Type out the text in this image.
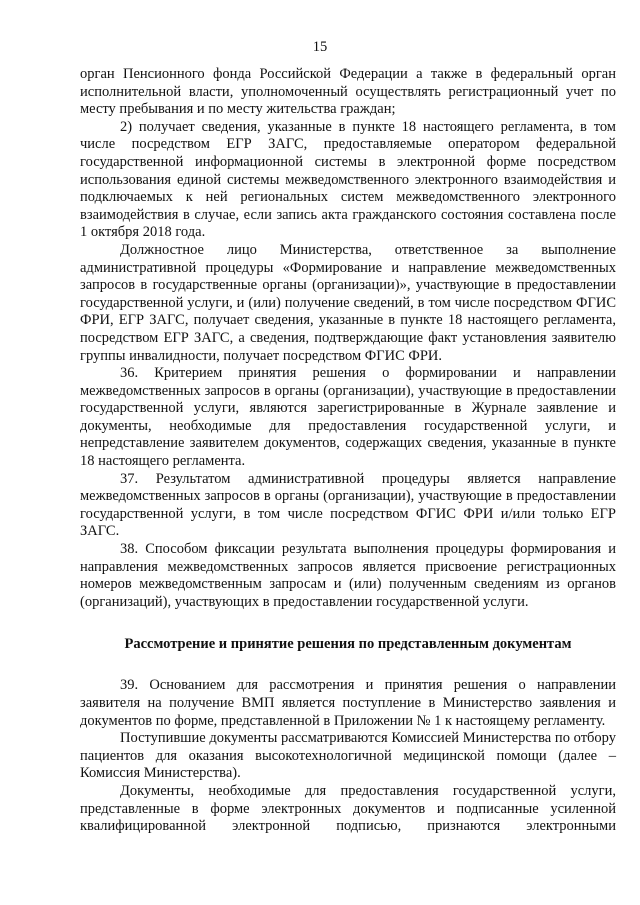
15

орган Пенсионного фонда Российской Федерации а также в федеральный орган исполнительной власти, уполномоченный осуществлять регистрационный учет по месту пребывания и по месту жительства граждан;

2) получает сведения, указанные в пункте 18 настоящего регламента, в том числе посредством ЕГР ЗАГС, предоставляемые оператором федеральной государственной информационной системы в электронной форме посредством использования единой системы межведомственного электронного взаимодействия и подключаемых к ней региональных систем межведомственного электронного взаимодействия в случае, если запись акта гражданского состояния составлена после 1 октября 2018 года.

Должностное лицо Министерства, ответственное за выполнение административной процедуры «Формирование и направление межведомственных запросов в государственные органы (организации)», участвующие в предоставлении государственной услуги, и (или) получение сведений, в том числе посредством ФГИС ФРИ, ЕГР ЗАГС, получает сведения, указанные в пункте 18 настоящего регламента, посредством ЕГР ЗАГС, а сведения, подтверждающие факт установления заявителю группы инвалидности, получает посредством ФГИС ФРИ.

36. Критерием принятия решения о формировании и направлении межведомственных запросов в органы (организации), участвующие в предоставлении государственной услуги, являются зарегистрированные в Журнале заявление и документы, необходимые для предоставления государственной услуги, и непредставление заявителем документов, содержащих сведения, указанные в пункте 18 настоящего регламента.

37. Результатом административной процедуры является направление межведомственных запросов в органы (организации), участвующие в предоставлении государственной услуги, в том числе посредством ФГИС ФРИ и/или только ЕГР ЗАГС.

38. Способом фиксации результата выполнения процедуры формирования и направления межведомственных запросов является присвоение регистрационных номеров межведомственным запросам и (или) полученным сведениям из органов (организаций), участвующих в предоставлении государственной услуги.

Рассмотрение и принятие решения по представленным документам

39. Основанием для рассмотрения и принятия решения о направлении заявителя на получение ВМП является поступление в Министерство заявления и документов по форме, представленной в Приложении № 1 к настоящему регламенту.

Поступившие документы рассматриваются Комиссией Министерства по отбору пациентов для оказания высокотехнологичной медицинской помощи (далее – Комиссия Министерства).

Документы, необходимые для предоставления государственной услуги, представленные в форме электронных документов и подписанные усиленной квалифицированной электронной подписью, признаются электронными
